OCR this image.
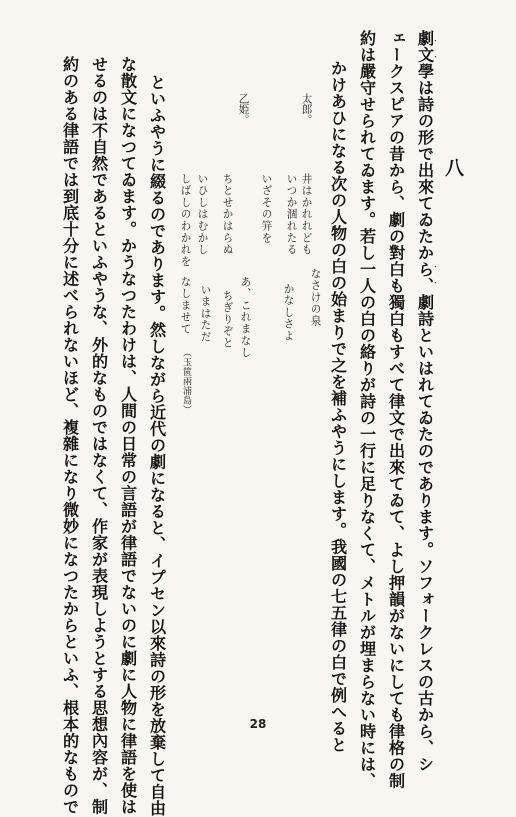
八
劇文學は詩の形で出來てゐたから、劇詩といはれてゐたのであります。ソフォークレスの古から、シ
ェークスピアの昔から、劇の對白も獨白もすべて律文で出來てゐて、よし押韻がないにしても律格の制
約は嚴守せられてゐます。若し一人の白の絡りが詩の一行に足りなくて、メトルが埋まらない時には、
かけあひになる次の人物の白の始まりで之を補ふやうにします。我國の七五律の白で例へると
太郎。
乙姫。
井はかれれども
いつか涸れたる
いざその笄を
ちとせかはらぬ
いひしはむかし
しばしのわかれを
なさけの泉
かなしさよ
あ、これまなし
ちぎりぞと
いまはただ
なしませて
（玉篋兩浦島）
といふやうに綴るのであります。然しながら近代の劇になると、イプセン以來詩の形を放棄して自由
な散文になつてゐます。かうなつたわけは、人間の日常の言語が律語でないのに劇に人物に律語を使は
せるのは不自然であるといふやうな、外的なものではなくて、作家が表現しようとする思想內容が、制
約のある律語では到底十分に述べられないほど、複雜になり微妙になつたからといふ、根本的なもので
・
・
・
・
28
